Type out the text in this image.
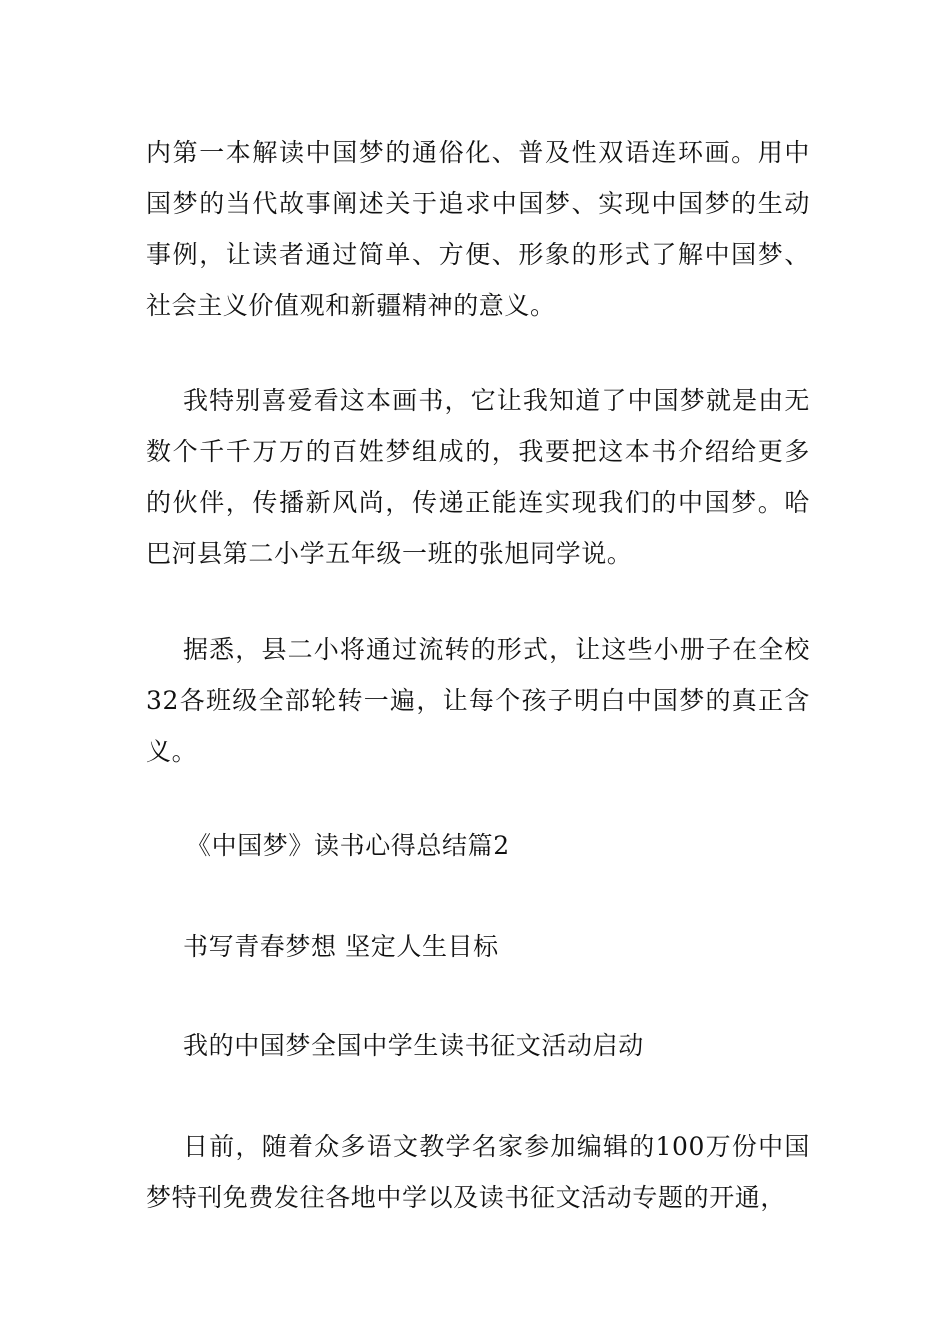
内第一本解读中国梦的通俗化、普及性双语连环画。用中国梦的当代故事阐述关于追求中国梦、实现中国梦的生动事例，让读者通过简单、方便、形象的形式了解中国梦、社会主义价值观和新疆精神的意义。

我特别喜爱看这本画书，它让我知道了中国梦就是由无数个千千万万的百姓梦组成的，我要把这本书介绍给更多的伙伴，传播新风尚，传递正能连实现我们的中国梦。哈巴河县第二小学五年级一班的张旭同学说。

据悉，县二小将通过流转的形式，让这些小册子在全校32各班级全部轮转一遍，让每个孩子明白中国梦的真正含义。

《中国梦》读书心得总结篇2

书写青春梦想 坚定人生目标

我的中国梦全国中学生读书征文活动启动

日前，随着众多语文教学名家参加编辑的100万份中国梦特刊免费发往各地中学以及读书征文活动专题的开通，
